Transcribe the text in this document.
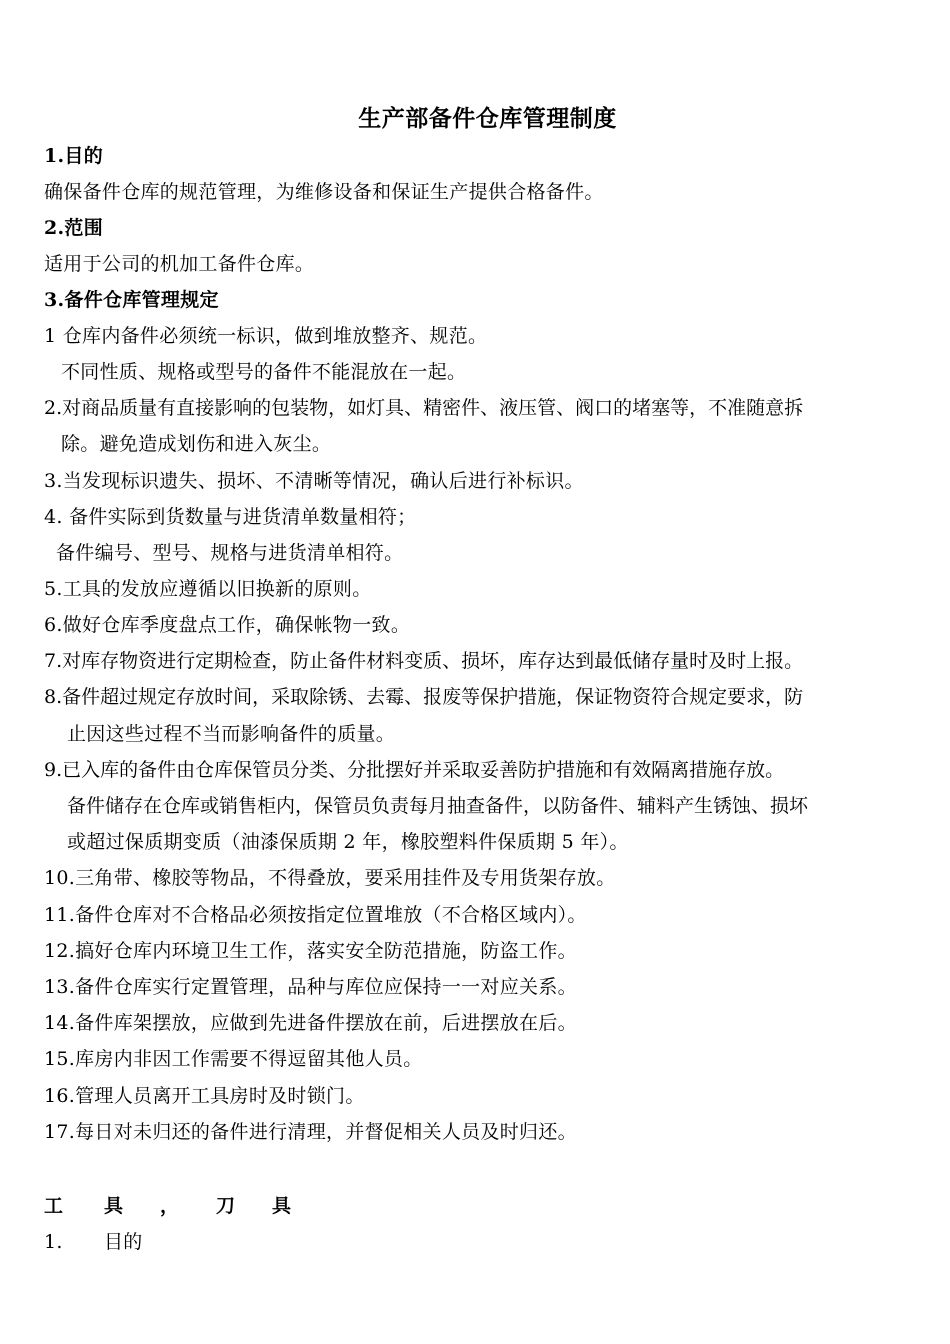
生产部备件仓库管理制度
1.目的
确保备件仓库的规范管理，为维修设备和保证生产提供合格备件。
2.范围
适用于公司的机加工备件仓库。
3.备件仓库管理规定
1 仓库内备件必须统一标识，做到堆放整齐、规范。
不同性质、规格或型号的备件不能混放在一起。
2.对商品质量有直接影响的包装物，如灯具、精密件、液压管、阀口的堵塞等，不准随意拆
除。避免造成划伤和进入灰尘。
3.当发现标识遗失、损坏、不清晰等情况，确认后进行补标识。
4. 备件实际到货数量与进货清单数量相符；
备件编号、型号、规格与进货清单相符。
5.工具的发放应遵循以旧换新的原则。
6.做好仓库季度盘点工作，确保帐物一致。
7.对库存物资进行定期检查，防止备件材料变质、损坏，库存达到最低储存量时及时上报。
8.备件超过规定存放时间，采取除锈、去霉、报废等保护措施，保证物资符合规定要求，防
止因这些过程不当而影响备件的质量。
9.已入库的备件由仓库保管员分类、分批摆好并采取妥善防护措施和有效隔离措施存放。
备件储存在仓库或销售柜内，保管员负责每月抽查备件，以防备件、辅料产生锈蚀、损坏
或超过保质期变质（油漆保质期 2 年，橡胶塑料件保质期 5 年）。
10.三角带、橡胶等物品，不得叠放，要采用挂件及专用货架存放。
11.备件仓库对不合格品必须按指定位置堆放（不合格区域内）。
12.搞好仓库内环境卫生工作，落实安全防范措施，防盗工作。
13.备件仓库实行定置管理，品种与库位应保持一一对应关系。
14.备件库架摆放，应做到先进备件摆放在前，后进摆放在后。
15.库房内非因工作需要不得逗留其他人员。
16.管理人员离开工具房时及时锁门。
17.每日对未归还的备件进行清理，并督促相关人员及时归还。
工 具 ， 刀 具
1. 目的
